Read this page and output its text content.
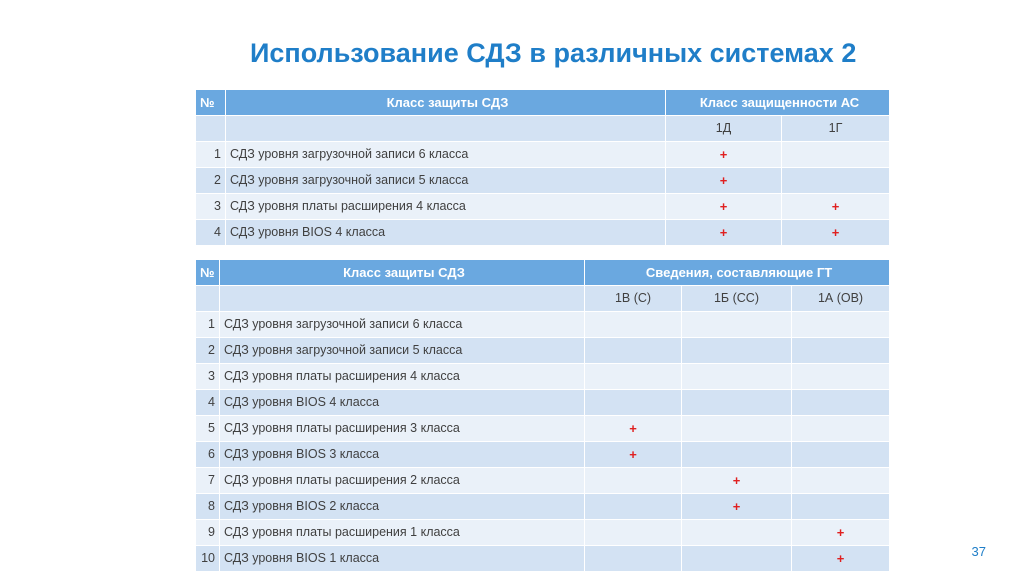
Использование СДЗ в различных системах 2
№	Класс защиты СДЗ	Класс защищенности АС	
		1Д	1Г
1	СДЗ уровня загрузочной записи 6 класса	+	
2	СДЗ уровня загрузочной записи 5 класса	+	
3	СДЗ уровня платы расширения 4 класса	+	+
4	СДЗ уровня BIOS 4 класса	+	+
№	Класс защиты СДЗ	Сведения, составляющие ГТ		
		1В (С)	1Б (СС)	1А (ОВ)
1	СДЗ уровня загрузочной записи 6 класса			
2	СДЗ уровня загрузочной записи 5 класса			
3	СДЗ уровня платы расширения 4 класса			
4	СДЗ уровня BIOS 4 класса			
5	СДЗ уровня платы расширения 3 класса	+		
6	СДЗ уровня BIOS 3 класса	+		
7	СДЗ уровня платы расширения 2 класса		+	
8	СДЗ уровня BIOS 2 класса		+	
9	СДЗ уровня платы расширения 1 класса			+
10	СДЗ уровня BIOS 1 класса			+	37
